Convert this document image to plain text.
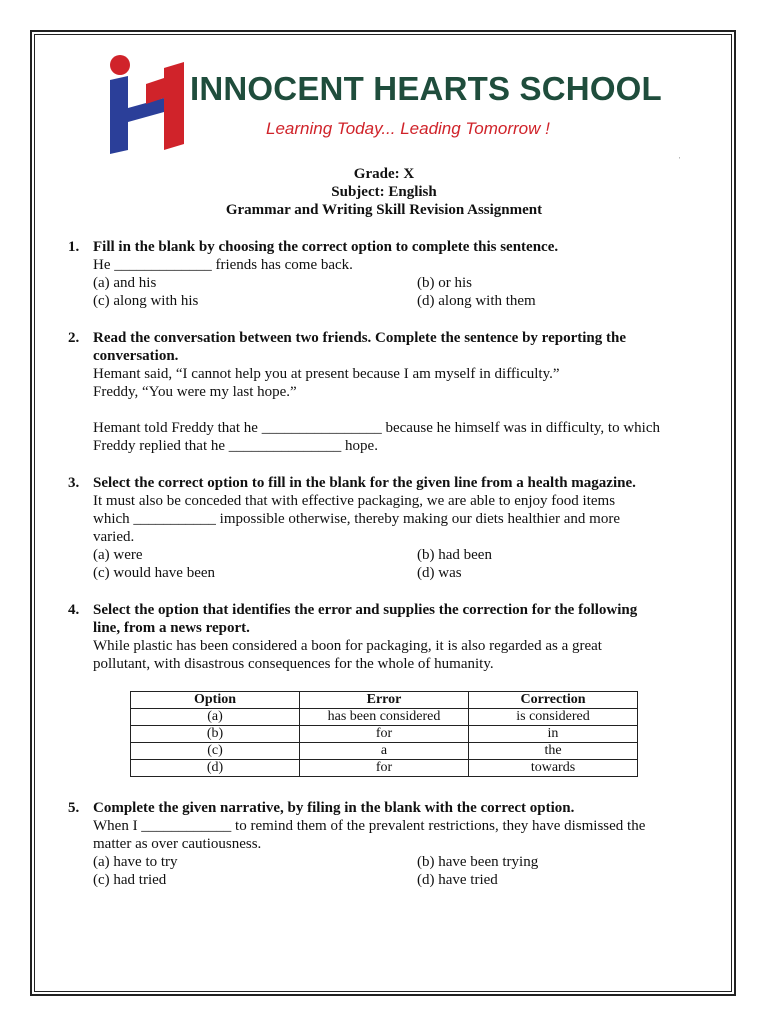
INNOCENT HEARTS SCHOOL
Learning Today... Leading Tomorrow !
ˈ
Grade: X
Subject: English
Grammar and Writing Skill Revision Assignment
1. Fill in the blank by choosing the correct option to complete this sentence.
He _____________ friends has come back.
(a) and his	(b) or his
(c) along with his	(d) along with them
2. Read the conversation between two friends. Complete the sentence by reporting the
conversation.
Hemant said, “I cannot help you at present because I am myself in difficulty.”
Freddy, “You were my last hope.”
Hemant told Freddy that he ________________ because he himself was in difficulty, to which
Freddy replied that he _______________ hope.
3. Select the correct option to fill in the blank for the given line from a health magazine.
It must also be conceded that with effective packaging, we are able to enjoy food items
which ___________ impossible otherwise, thereby making our diets healthier and more
varied.
(a) were	(b) had been
(c) would have been	(d) was
4. Select the option that identifies the error and supplies the correction for the following
line, from a news report.
While plastic has been considered a boon for packaging, it is also regarded as a great
pollutant, with disastrous consequences for the whole of humanity.
Option	Error	Correction
(a)	has been considered	is considered
(b)	for	in
(c)	a	the
(d)	for	towards
5. Complete the given narrative, by filing in the blank with the correct option.
When I ____________ to remind them of the prevalent restrictions, they have dismissed the
matter as over cautiousness.
(a) have to try	(b) have been trying
(c) had tried	(d) have tried
